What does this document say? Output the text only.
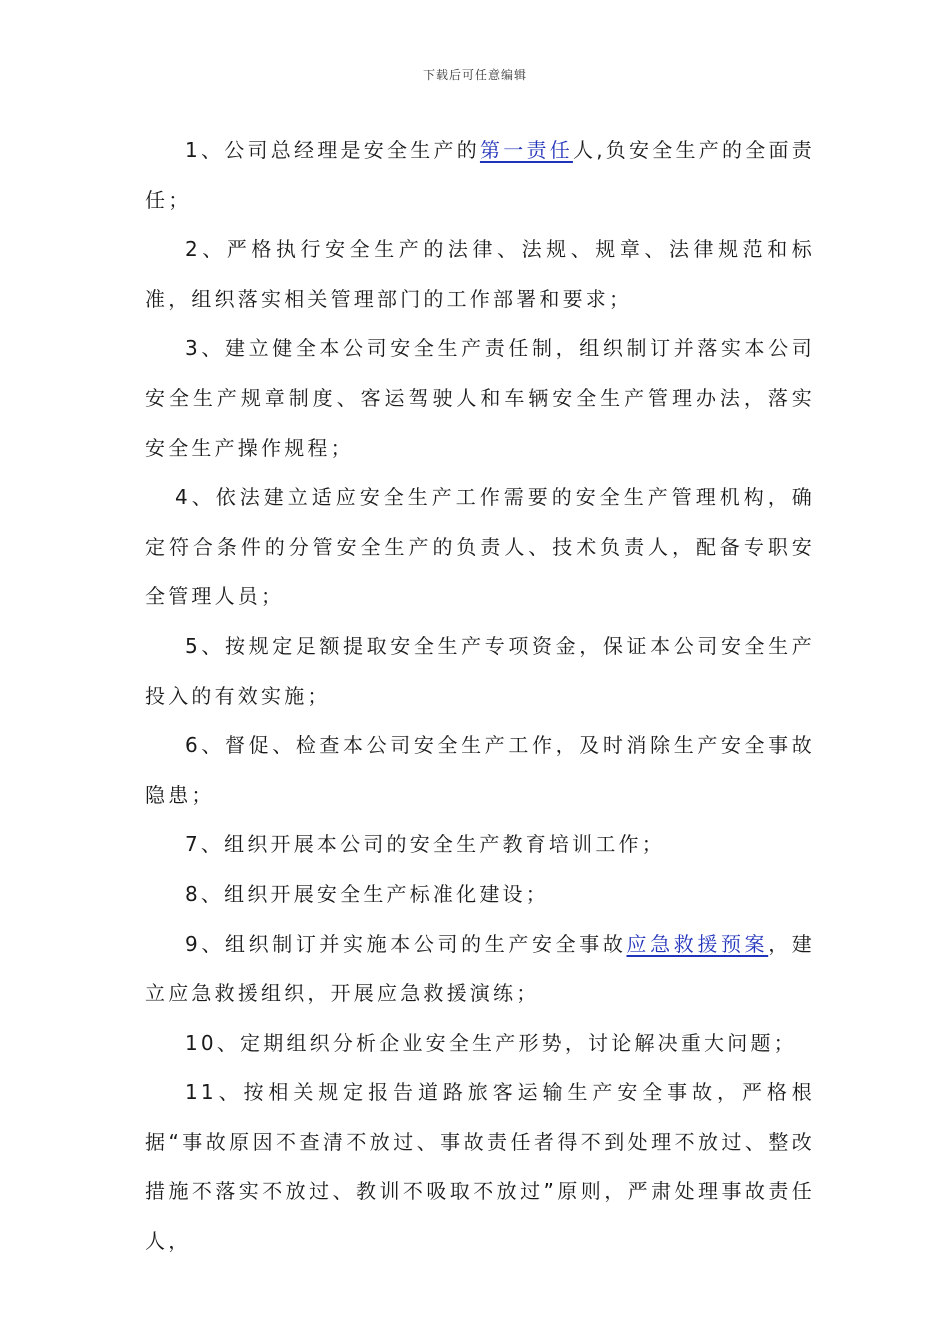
下载后可任意编辑

1、公司总经理是安全生产的第一责任人,负安全生产的全面责任；

2、严格执行安全生产的法律、法规、规章、法律规范和标准，组织落实相关管理部门的工作部署和要求；

3、建立健全本公司安全生产责任制，组织制订并落实本公司安全生产规章制度、客运驾驶人和车辆安全生产管理办法，落实安全生产操作规程；

4、依法建立适应安全生产工作需要的安全生产管理机构，确定符合条件的分管安全生产的负责人、技术负责人，配备专职安全管理人员；

5、按规定足额提取安全生产专项资金，保证本公司安全生产投入的有效实施；

6、督促、检查本公司安全生产工作，及时消除生产安全事故隐患；

7、组织开展本公司的安全生产教育培训工作；

8、组织开展安全生产标准化建设；

9、组织制订并实施本公司的生产安全事故应急救援预案，建立应急救援组织，开展应急救援演练；

10、定期组织分析企业安全生产形势，讨论解决重大问题；

11、按相关规定报告道路旅客运输生产安全事故，严格根据“事故原因不查清不放过、事故责任者得不到处理不放过、整改措施不落实不放过、教训不吸取不放过”原则，严肃处理事故责任人，
